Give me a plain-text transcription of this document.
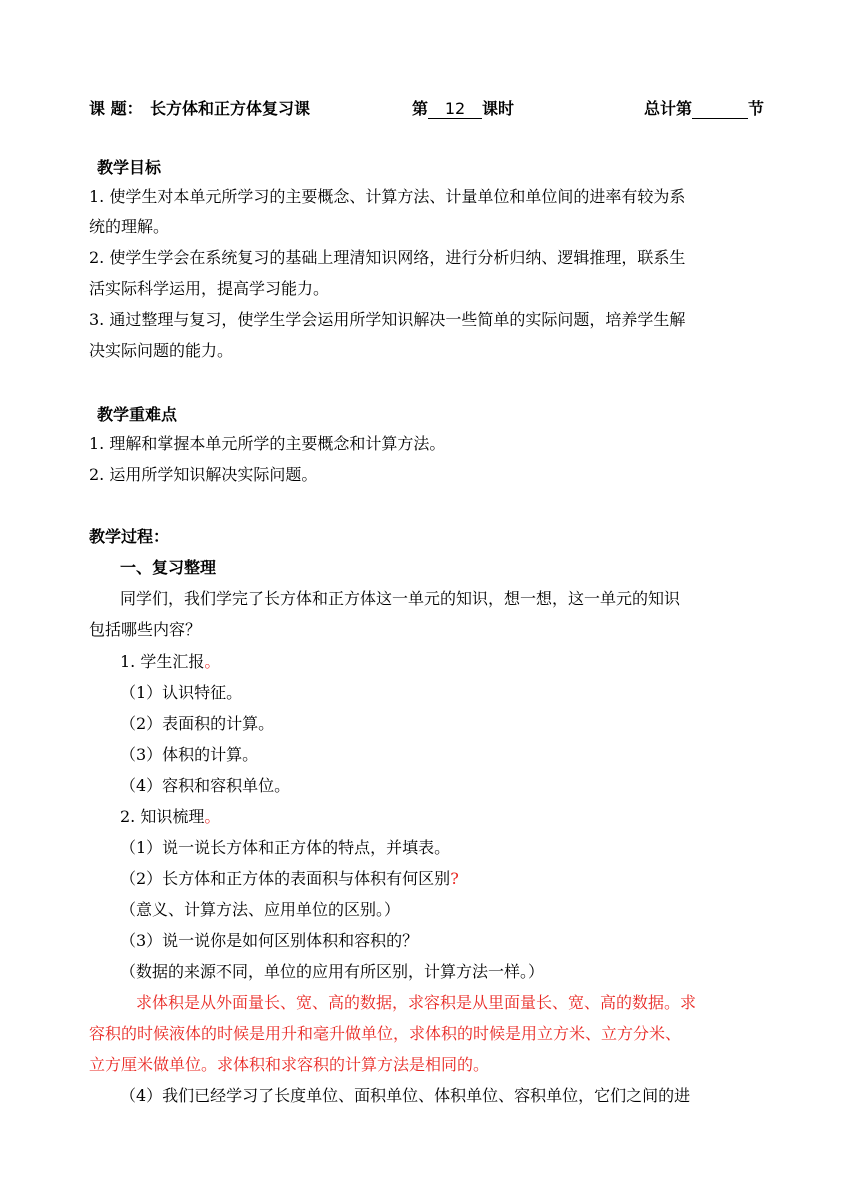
课 题： 长方体和正方体复习课	第 12 课时	总计第	节
教学目标
1. 使学生对本单元所学习的主要概念、计算方法、计量单位和单位间的进率有较为系
统的理解。
2. 使学生学会在系统复习的基础上理清知识网络，进行分析归纳、逻辑推理，联系生
活实际科学运用，提高学习能力。
3. 通过整理与复习，使学生学会运用所学知识解决一些简单的实际问题，培养学生解
决实际问题的能力。
教学重难点
1. 理解和掌握本单元所学的主要概念和计算方法。
2. 运用所学知识解决实际问题。
教学过程：
一、复习整理
同学们，我们学完了长方体和正方体这一单元的知识，想一想，这一单元的知识
包括哪些内容？
1. 学生汇报。
（1）认识特征。
（2）表面积的计算。
（3）体积的计算。
（4）容积和容积单位。
2. 知识梳理。
（1）说一说长方体和正方体的特点，并填表。
（2）长方体和正方体的表面积与体积有何区别?
（意义、计算方法、应用单位的区别。）
（3）说一说你是如何区别体积和容积的？
（数据的来源不同，单位的应用有所区别，计算方法一样。）
求体积是从外面量长、宽、高的数据，求容积是从里面量长、宽、高的数据。求
容积的时候液体的时候是用升和毫升做单位，求体积的时候是用立方米、立方分米、
立方厘米做单位。求体积和求容积的计算方法是相同的。
（4）我们已经学习了长度单位、面积单位、体积单位、容积单位，它们之间的进
